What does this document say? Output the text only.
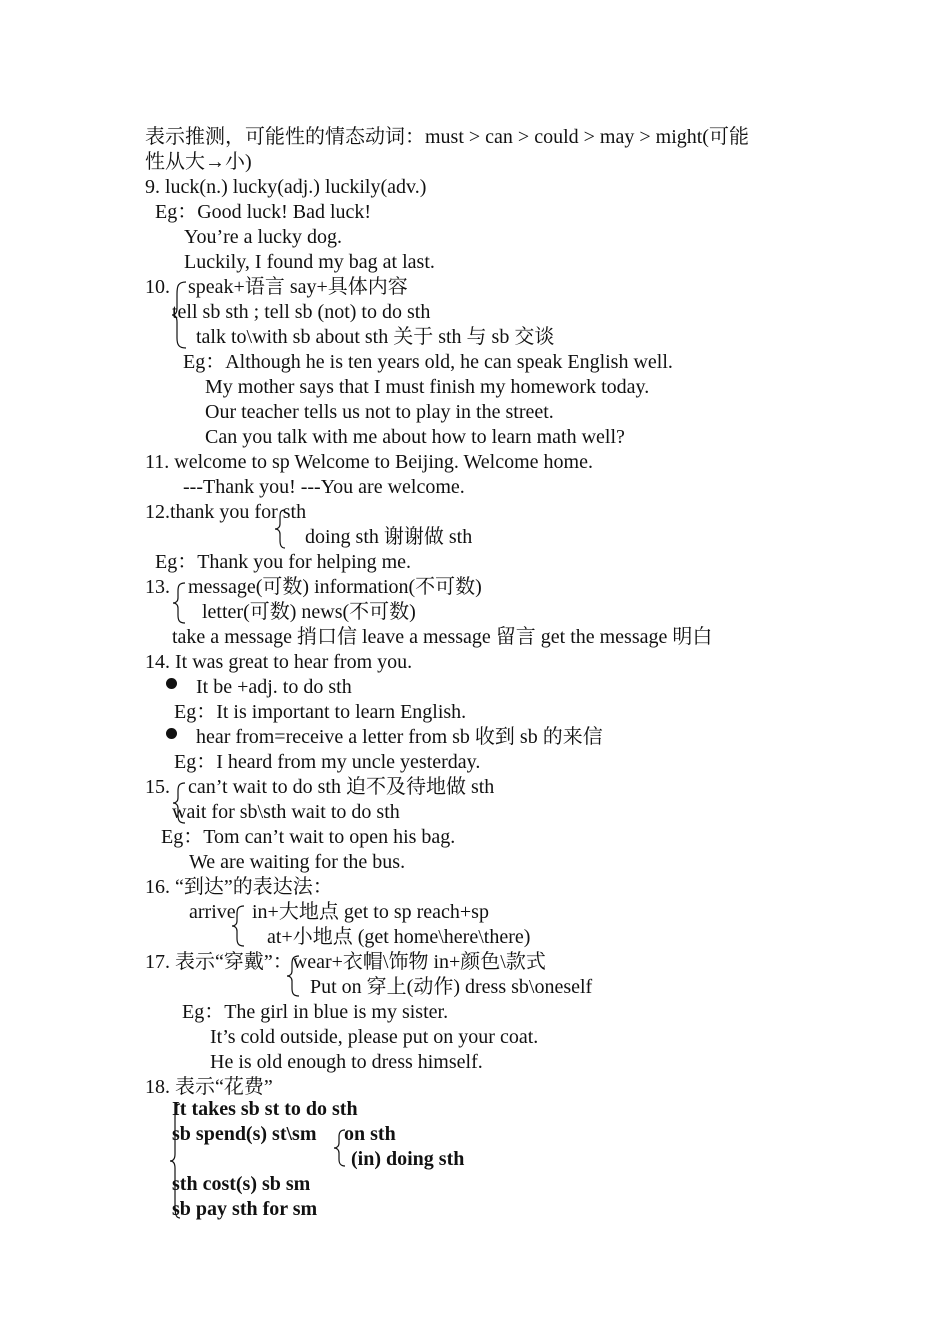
表示推测，可能性的情态动词：must > can > could > may > might(可能
性从大→小)
9. luck(n.) lucky(adj.) luckily(adv.)
Eg：Good luck! Bad luck!
You’re a lucky dog.
Luckily, I found my bag at last.
10. speak+语言 say+具体内容
tell sb sth ; tell sb (not) to do sth
talk to\with sb about sth 关于 sth 与 sb 交谈
Eg：Although he is ten years old, he can speak English well.
My mother says that I must finish my homework today.
Our teacher tells us not to play in the street.
Can you talk with me about how to learn math well?
11. welcome to sp Welcome to Beijing. Welcome home.
---Thank you! ---You are welcome.
12.thank you for sth
doing sth 谢谢做 sth
Eg：Thank you for helping me.
13. message(可数) information(不可数)
letter(可数) news(不可数)
take a message 捎口信 leave a message 留言 get the message 明白
14. It was great to hear from you.
It be +adj. to do sth
Eg：It is important to learn English.
hear from=receive a letter from sb 收到 sb 的来信
Eg：I heard from my uncle yesterday.
15. can’t wait to do sth 迫不及待地做 sth
wait for sb\sth wait to do sth
Eg：Tom can’t wait to open his bag.
We are waiting for the bus.
16. “到达”的表达法：
arrive in+大地点 get to sp reach+sp
at+小地点 (get home\here\there)
17. 表示“穿戴”：wear+衣帽\饰物 in+颜色\款式
Put on 穿上(动作) dress sb\oneself
Eg：The girl in blue is my sister.
It’s cold outside, please put on your coat.
He is old enough to dress himself.
18. 表示“花费”
It takes sb st to do sth
sb spend(s) st\sm on sth
(in) doing sth
sth cost(s) sb sm
sb pay sth for sm
